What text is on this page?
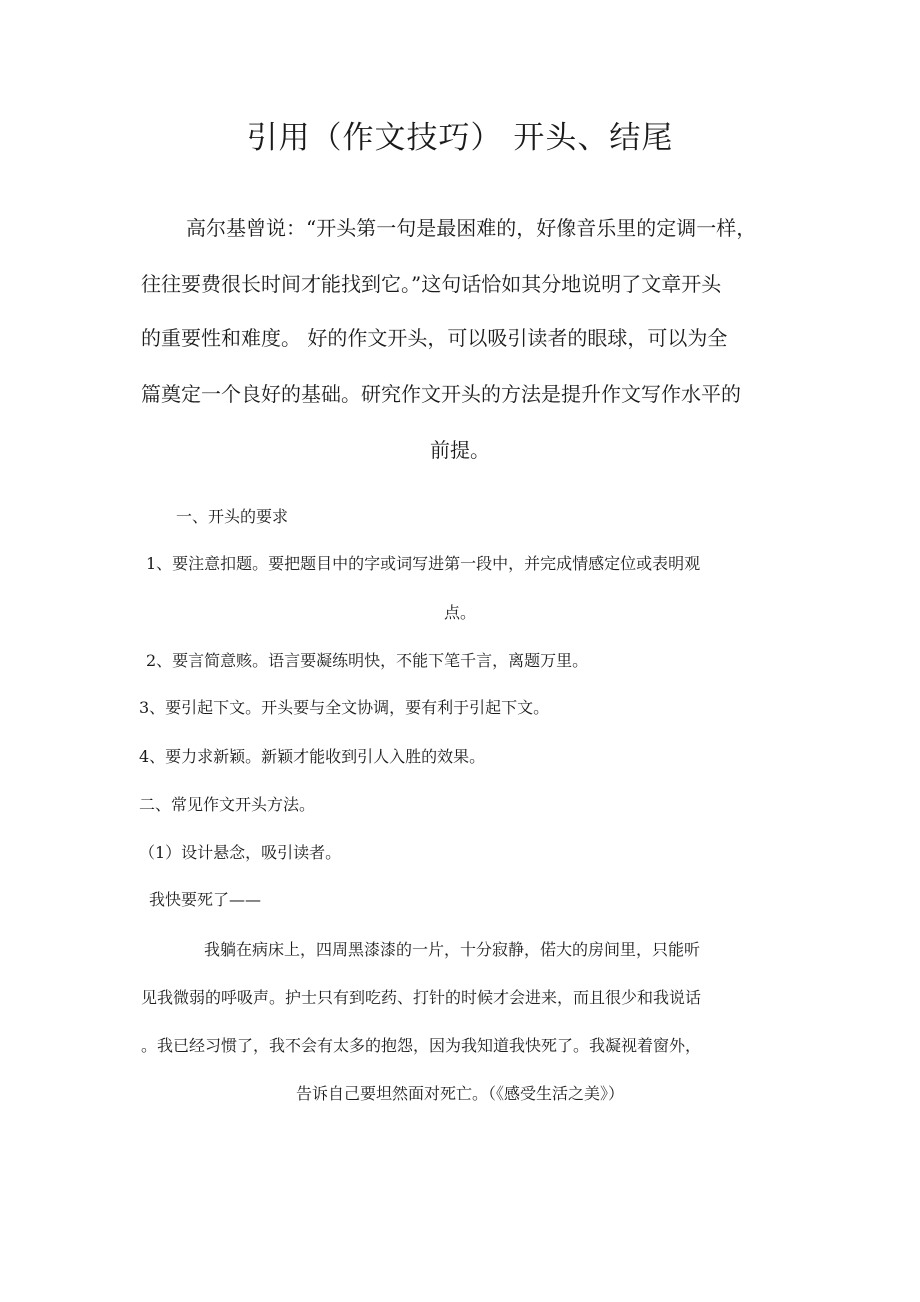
引用（作文技巧） 开头、结尾

高尔基曾说：“开头第一句是最困难的，好像音乐里的定调一样，

往往要费很长时间才能找到它。”这句话恰如其分地说明了文章开头

的重要性和难度。 好的作文开头，可以吸引读者的眼球，可以为全

篇奠定一个良好的基础。研究作文开头的方法是提升作文写作水平的

前提。

一、开头的要求

1、要注意扣题。要把题目中的字或词写进第一段中，并完成情感定位或表明观

点。

2、要言简意赅。语言要凝练明快，不能下笔千言，离题万里。

3、要引起下文。开头要与全文协调，要有利于引起下文。

4、要力求新颖。新颖才能收到引人入胜的效果。

二、常见作文开头方法。

（1）设计悬念，吸引读者。

我快要死了——

我躺在病床上，四周黑漆漆的一片，十分寂静，偌大的房间里，只能听

见我微弱的呼吸声。护士只有到吃药、打针的时候才会进来，而且很少和我说话

。我已经习惯了，我不会有太多的抱怨，因为我知道我快死了。我凝视着窗外，

告诉自己要坦然面对死亡。（《感受生活之美》）
